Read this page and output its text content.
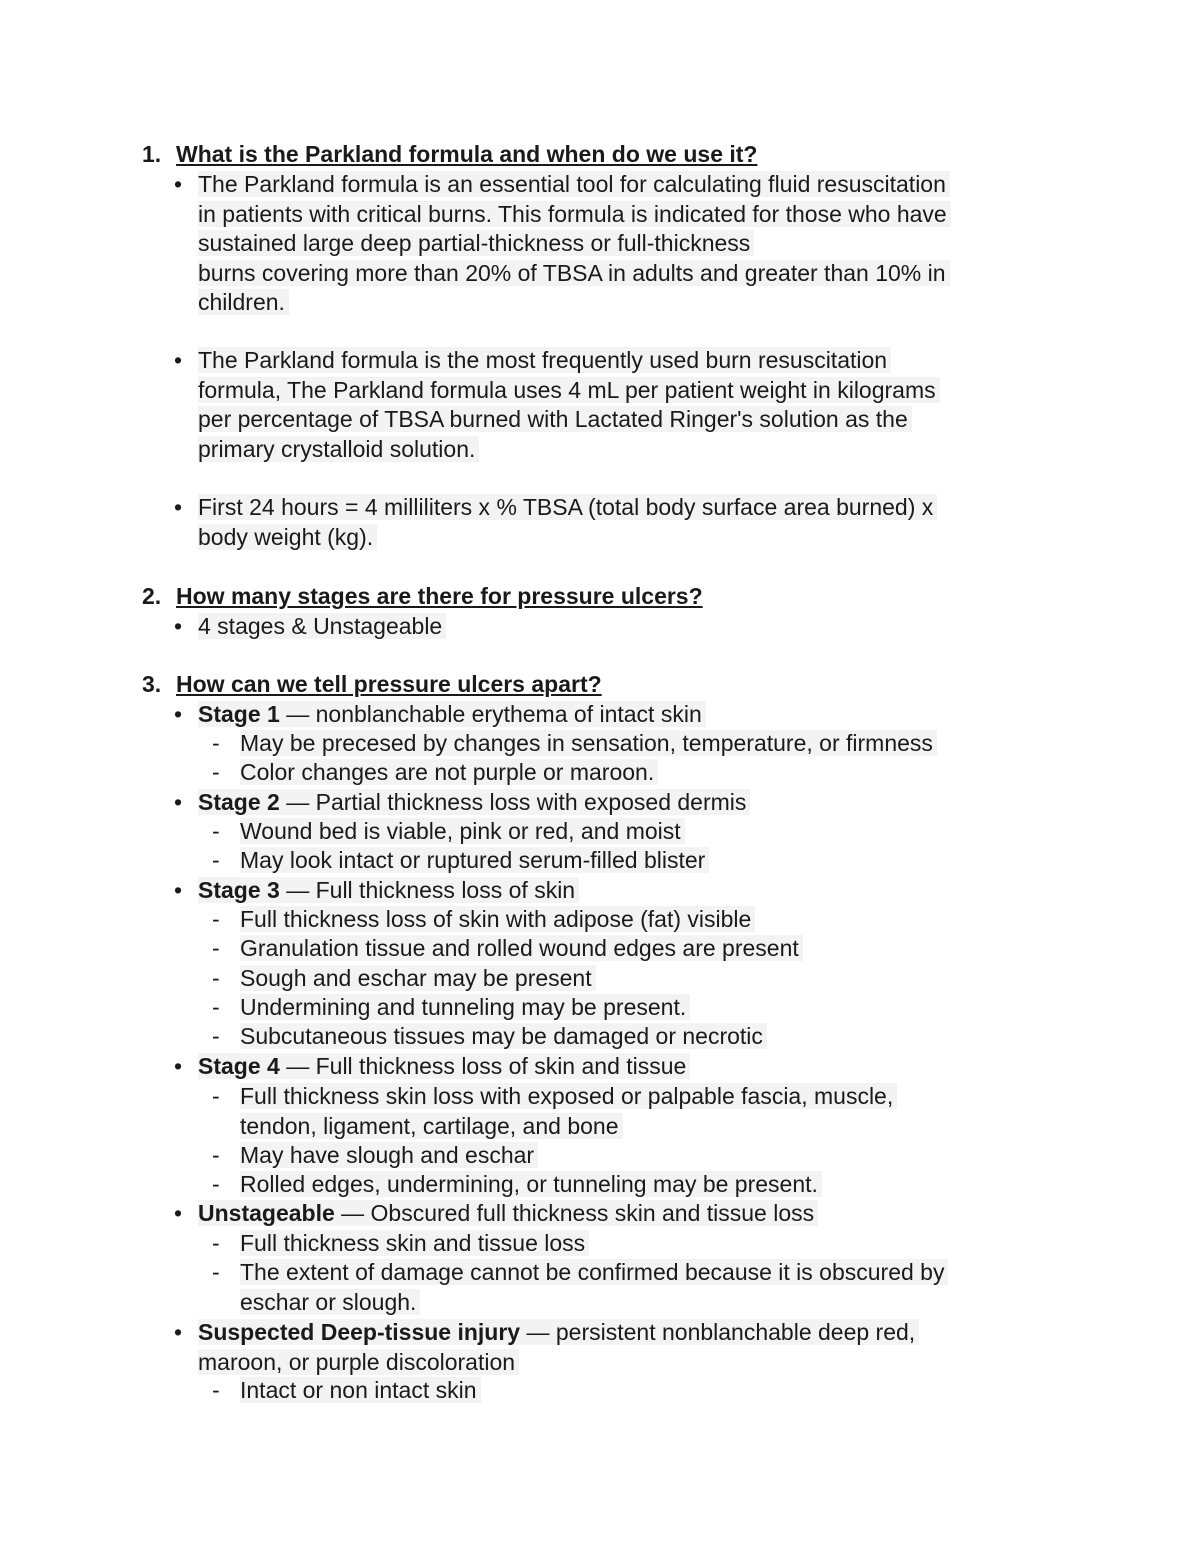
1. What is the Parkland formula and when do we use it?
• The Parkland formula is an essential tool for calculating fluid resuscitation
in patients with critical burns. This formula is indicated for those who have
sustained large deep partial-thickness or full-thickness
burns covering more than 20% of TBSA in adults and greater than 10% in
children.
• The Parkland formula is the most frequently used burn resuscitation
formula, The Parkland formula uses 4 mL per patient weight in kilograms
per percentage of TBSA burned with Lactated Ringer's solution as the
primary crystalloid solution.
• First 24 hours = 4 milliliters x % TBSA (total body surface area burned) x
body weight (kg).
2. How many stages are there for pressure ulcers?
• 4 stages & Unstageable
3. How can we tell pressure ulcers apart?
• Stage 1 — nonblanchable erythema of intact skin
- May be precesed by changes in sensation, temperature, or firmness
- Color changes are not purple or maroon.
• Stage 2 — Partial thickness loss with exposed dermis
- Wound bed is viable, pink or red, and moist
- May look intact or ruptured serum-filled blister
• Stage 3 — Full thickness loss of skin
- Full thickness loss of skin with adipose (fat) visible
- Granulation tissue and rolled wound edges are present
- Sough and eschar may be present
- Undermining and tunneling may be present.
- Subcutaneous tissues may be damaged or necrotic
• Stage 4 — Full thickness loss of skin and tissue
- Full thickness skin loss with exposed or palpable fascia, muscle,
tendon, ligament, cartilage, and bone
- May have slough and eschar
- Rolled edges, undermining, or tunneling may be present.
• Unstageable — Obscured full thickness skin and tissue loss
- Full thickness skin and tissue loss
- The extent of damage cannot be confirmed because it is obscured by
eschar or slough.
• Suspected Deep-tissue injury — persistent nonblanchable deep red,
maroon, or purple discoloration
- Intact or non intact skin
